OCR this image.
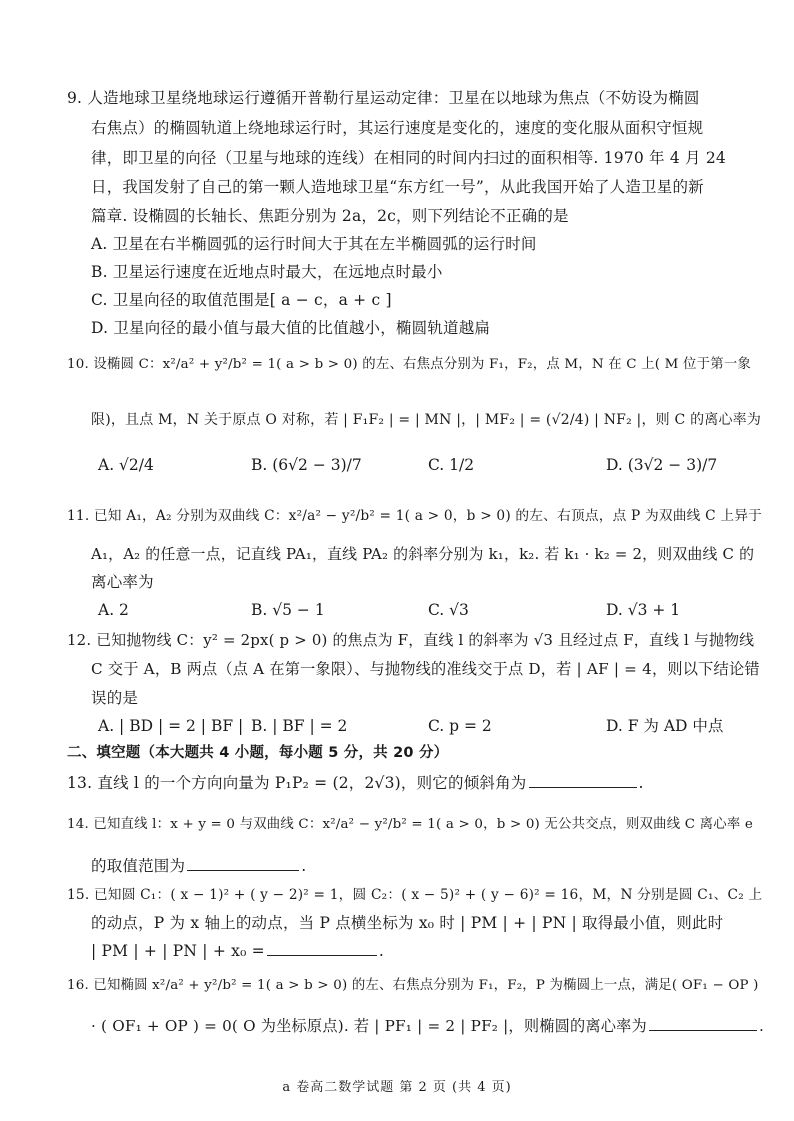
9. 人造地球卫星绕地球运行遵循开普勒行星运动定律：卫星在以地球为焦点（不妨设为椭圆
右焦点）的椭圆轨道上绕地球运行时，其运行速度是变化的，速度的变化服从面积守恒规
律，即卫星的向径（卫星与地球的连线）在相同的时间内扫过的面积相等. 1970 年 4 月 24
日，我国发射了自己的第一颗人造地球卫星“东方红一号”，从此我国开始了人造卫星的新
篇章. 设椭圆的长轴长、焦距分别为 2a，2c，则下列结论不正确的是
A. 卫星在右半椭圆弧的运行时间大于其在左半椭圆弧的运行时间
B. 卫星运行速度在近地点时最大，在远地点时最小
C. 卫星向径的取值范围是[ a − c，a + c ]
D. 卫星向径的最小值与最大值的比值越小，椭圆轨道越扁
10. 设椭圆 C：x²/a² + y²/b² = 1( a > b > 0) 的左、右焦点分别为 F₁，F₂，点 M，N 在 C 上( M 位于第一象
限)，且点 M，N 关于原点 O 对称，若 | F₁F₂ | = | MN |，| MF₂ | = (√2/4) | NF₂ |，则 C 的离心率为
A. √2/4	B. (6√2 − 3)/7	C. 1/2	D. (3√2 − 3)/7
11. 已知 A₁，A₂ 分别为双曲线 C：x²/a² − y²/b² = 1( a > 0，b > 0) 的左、右顶点，点 P 为双曲线 C 上异于
A₁，A₂ 的任意一点，记直线 PA₁，直线 PA₂ 的斜率分别为 k₁，k₂. 若 k₁ · k₂ = 2，则双曲线 C 的
离心率为
A. 2	B. √5 − 1	C. √3	D. √3 + 1
12. 已知抛物线 C：y² = 2px( p > 0) 的焦点为 F，直线 l 的斜率为 √3 且经过点 F，直线 l 与抛物线
C 交于 A，B 两点（点 A 在第一象限）、与抛物线的准线交于点 D，若 | AF | = 4，则以下结论错
误的是
A. | BD | = 2 | BF | B. | BF | = 2	C. p = 2	D. F 为 AD 中点
二、填空题（本大题共 4 小题，每小题 5 分，共 20 分）
13. 直线 l 的一个方向向量为 P₁P₂ = (2，2√3)，则它的倾斜角为	.
14. 已知直线 l：x + y = 0 与双曲线 C：x²/a² − y²/b² = 1( a > 0，b > 0) 无公共交点，则双曲线 C 离心率 e
的取值范围为	.
15. 已知圆 C₁：( x − 1)² + ( y − 2)² = 1，圆 C₂：( x − 5)² + ( y − 6)² = 16，M，N 分别是圆 C₁、C₂ 上
的动点，P 为 x 轴上的动点，当 P 点横坐标为 x₀ 时 | PM | + | PN | 取得最小值，则此时
| PM | + | PN | + x₀ =	.
16. 已知椭圆 x²/a² + y²/b² = 1( a > b > 0) 的左、右焦点分别为 F₁，F₂，P 为椭圆上一点，满足( OF₁ − OP )
· ( OF₁ + OP ) = 0( O 为坐标原点). 若 | PF₁ | = 2 | PF₂ |，则椭圆的离心率为	.
a 卷高二数学试题 第 2 页 (共 4 页)
